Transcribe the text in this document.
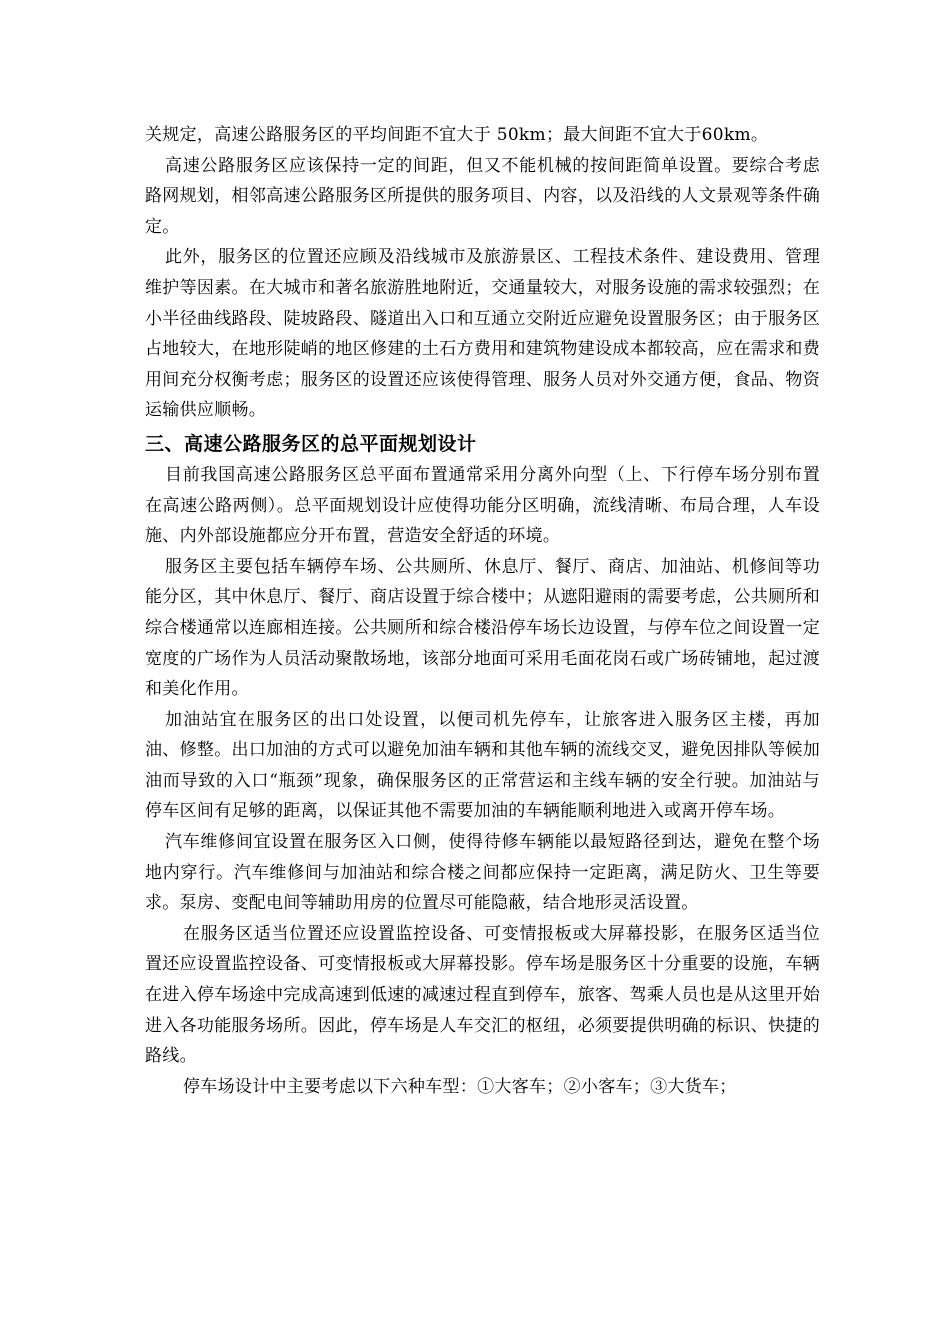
关规定，高速公路服务区的平均间距不宜大于 50km；最大间距不宜大于60km。

高速公路服务区应该保持一定的间距，但又不能机械的按间距简单设置。要综合考虑路网规划，相邻高速公路服务区所提供的服务项目、内容，以及沿线的人文景观等条件确定。

此外，服务区的位置还应顾及沿线城市及旅游景区、工程技术条件、建设费用、管理维护等因素。在大城市和著名旅游胜地附近，交通量较大，对服务设施的需求较强烈；在小半径曲线路段、陡坡路段、隧道出入口和互通立交附近应避免设置服务区；由于服务区占地较大，在地形陡峭的地区修建的土石方费用和建筑物建设成本都较高，应在需求和费用间充分权衡考虑；服务区的设置还应该使得管理、服务人员对外交通方便，食品、物资运输供应顺畅。

三、高速公路服务区的总平面规划设计

目前我国高速公路服务区总平面布置通常采用分离外向型（上、下行停车场分别布置在高速公路两侧）。总平面规划设计应使得功能分区明确，流线清晰、布局合理，人车设施、内外部设施都应分开布置，营造安全舒适的环境。

服务区主要包括车辆停车场、公共厕所、休息厅、餐厅、商店、加油站、机修间等功能分区，其中休息厅、餐厅、商店设置于综合楼中；从遮阳避雨的需要考虑，公共厕所和综合楼通常以连廊相连接。公共厕所和综合楼沿停车场长边设置，与停车位之间设置一定宽度的广场作为人员活动聚散场地，该部分地面可采用毛面花岗石或广场砖铺地，起过渡和美化作用。

加油站宜在服务区的出口处设置，以便司机先停车，让旅客进入服务区主楼，再加油、修整。出口加油的方式可以避免加油车辆和其他车辆的流线交叉，避免因排队等候加油而导致的入口“瓶颈”现象，确保服务区的正常营运和主线车辆的安全行驶。加油站与停车区间有足够的距离，以保证其他不需要加油的车辆能顺利地进入或离开停车场。

汽车维修间宜设置在服务区入口侧，使得待修车辆能以最短路径到达，避免在整个场地内穿行。汽车维修间与加油站和综合楼之间都应保持一定距离，满足防火、卫生等要求。泵房、变配电间等辅助用房的位置尽可能隐蔽，结合地形灵活设置。

在服务区适当位置还应设置监控设备、可变情报板或大屏幕投影，在服务区适当位置还应设置监控设备、可变情报板或大屏幕投影。停车场是服务区十分重要的设施，车辆在进入停车场途中完成高速到低速的减速过程直到停车，旅客、驾乘人员也是从这里开始进入各功能服务场所。因此，停车场是人车交汇的枢纽，必须要提供明确的标识、快捷的路线。

停车场设计中主要考虑以下六种车型：①大客车；②小客车；③大货车；
